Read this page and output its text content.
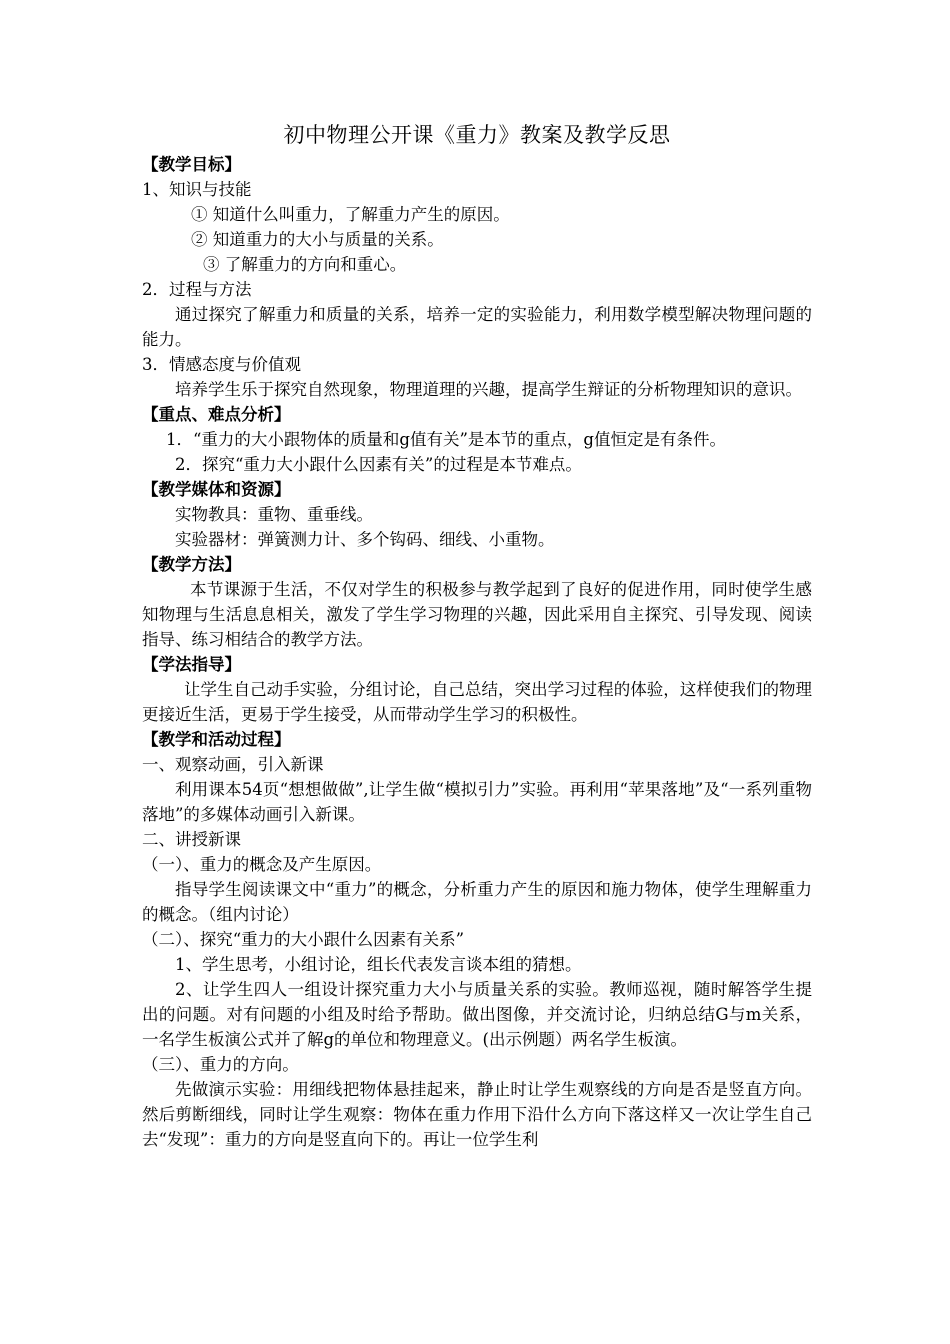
初中物理公开课《重力》教案及教学反思
【教学目标】
1、知识与技能
① 知道什么叫重力，了解重力产生的原因。
② 知道重力的大小与质量的关系。
③ 了解重力的方向和重心。
2．过程与方法
通过探究了解重力和质量的关系，培养一定的实验能力，利用数学模型解决物理问题的能力。
3．情感态度与价值观
培养学生乐于探究自然现象，物理道理的兴趣，提高学生辩证的分析物理知识的意识。
【重点、难点分析】
1．“重力的大小跟物体的质量和g值有关”是本节的重点，g值恒定是有条件。
2．探究“重力大小跟什么因素有关”的过程是本节难点。
【教学媒体和资源】
实物教具：重物、重垂线。
实验器材：弹簧测力计、多个钩码、细线、小重物。
【教学方法】
本节课源于生活，不仅对学生的积极参与教学起到了良好的促进作用，同时使学生感知物理与生活息息相关，激发了学生学习物理的兴趣，因此采用自主探究、引导发现、阅读指导、练习相结合的教学方法。
【学法指导】
让学生自己动手实验，分组讨论，自己总结，突出学习过程的体验，这样使我们的物理更接近生活，更易于学生接受，从而带动学生学习的积极性。
【教学和活动过程】
一、观察动画，引入新课
利用课本54页“想想做做”,让学生做“模拟引力”实验。再利用“苹果落地”及“一系列重物落地”的多媒体动画引入新课。
二、讲授新课
（一）、重力的概念及产生原因。
指导学生阅读课文中“重力”的概念，分析重力产生的原因和施力物体，使学生理解重力的概念。（组内讨论）
（二）、探究“重力的大小跟什么因素有关系”
1、学生思考，小组讨论，组长代表发言谈本组的猜想。
2、让学生四人一组设计探究重力大小与质量关系的实验。教师巡视，随时解答学生提出的问题。对有问题的小组及时给予帮助。做出图像，并交流讨论，归纳总结G与m关系，一名学生板演公式并了解g的单位和物理意义。(出示例题）两名学生板演。
（三）、重力的方向。
先做演示实验：用细线把物体悬挂起来，静止时让学生观察线的方向是否是竖直方向。然后剪断细线，同时让学生观察：物体在重力作用下沿什么方向下落这样又一次让学生自己去“发现”：重力的方向是竖直向下的。再让一位学生利
